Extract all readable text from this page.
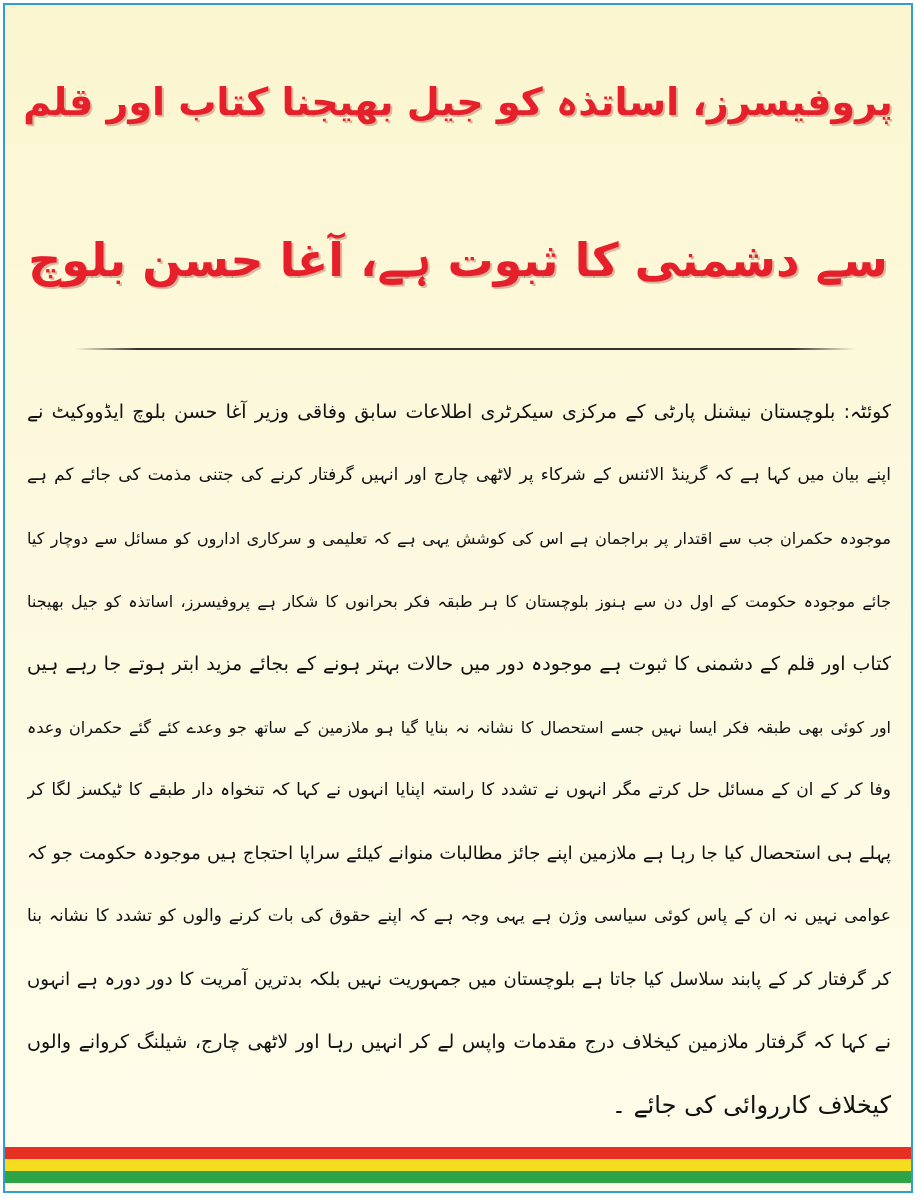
پروفیسرز، اساتذہ کو جیل بھیجنا کتاب اور قلم
سے دشمنی کا ثبوت ہے، آغا حسن بلوچ
کوئٹہ: بلوچستان نیشنل پارٹی کے مرکزی سیکرٹری اطلاعات سابق وفاقی وزیر آغا حسن بلوچ ایڈووکیٹ نے
اپنے بیان میں کہا ہے کہ گرینڈ الائنس کے شرکاء پر لاٹھی چارج اور انہیں گرفتار کرنے کی جتنی مذمت کی جائے کم ہے
موجودہ حکمران جب سے اقتدار پر براجمان ہے اس کی کوشش یہی ہے کہ تعلیمی و سرکاری اداروں کو مسائل سے دوچار کیا
جائے موجودہ حکومت کے اول دن سے ہنوز بلوچستان کا ہر طبقہ فکر بحرانوں کا شکار ہے پروفیسرز، اساتذہ کو جیل بھیجنا
کتاب اور قلم کے دشمنی کا ثبوت ہے موجودہ دور میں حالات بہتر ہونے کے بجائے مزید ابتر ہوتے جا رہے ہیں
اور کوئی بھی طبقہ فکر ایسا نہیں جسے استحصال کا نشانہ نہ بنایا گیا ہو ملازمین کے ساتھ جو وعدے کئے گئے حکمران وعدہ
وفا کر کے ان کے مسائل حل کرتے مگر انہوں نے تشدد کا راستہ اپنایا انہوں نے کہا کہ تنخواہ دار طبقے کا ٹیکسز لگا کر
پہلے ہی استحصال کیا جا رہا ہے ملازمین اپنے جائز مطالبات منوانے کیلئے سراپا احتجاج ہیں موجودہ حکومت جو کہ
عوامی نہیں نہ ان کے پاس کوئی سیاسی وژن ہے یہی وجہ ہے کہ اپنے حقوق کی بات کرنے والوں کو تشدد کا نشانہ بنا
کر گرفتار کر کے پابند سلاسل کیا جاتا ہے بلوچستان میں جمہوریت نہیں بلکہ بدترین آمریت کا دور دورہ ہے انہوں
نے کہا کہ گرفتار ملازمین کیخلاف درج مقدمات واپس لے کر انہیں رہا اور لاٹھی چارج، شیلنگ کروانے والوں
کیخلاف کارروائی کی جائے ۔
